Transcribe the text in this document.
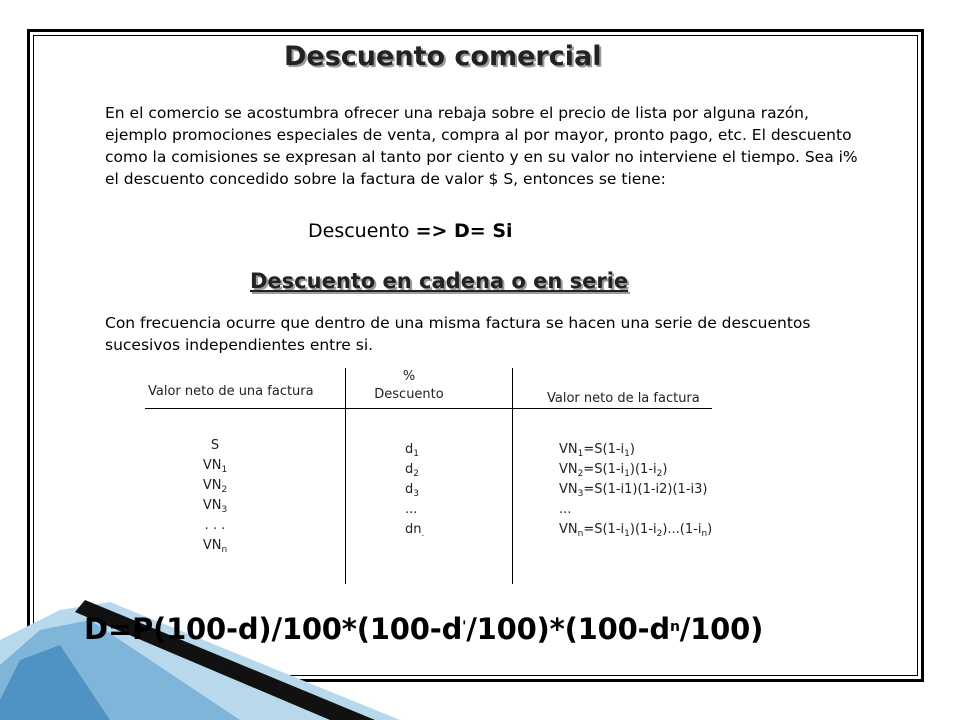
Descuento comercial
En el comercio se acostumbra ofrecer una rebaja sobre el precio de lista por alguna razón, ejemplo promociones especiales de venta, compra al por mayor, pronto pago, etc. El descuento como la comisiones se expresan al tanto por ciento y en su valor no interviene el tiempo. Sea i% el descuento concedido sobre la factura de valor $ S, entonces se tiene:
Descuento => D= Si
Descuento en cadena o en serie
Con frecuencia ocurre que dentro de una misma factura se hacen una serie de descuentos sucesivos independientes entre si.
Valor neto de una factura
%
Descuento	Valor neto de la factura
S
$VN_1$
$VN_2$
$VN_3$
. . .
$VN_n$
$d_1$
$d_2$
$d_3$
...
$dn_.$
$VN_1=S(1-i_1)$
$VN_2=S(1-i_1)(1-i_2)$
$VN_3=S(1-i1)(1-i2)(1-i3)$
...
$VN_n=S(1-i_1)(1-i_2)...(1-i_n)$
$D=P(100-d)/100*(100-d'/100)*(100-d^n/100)$
